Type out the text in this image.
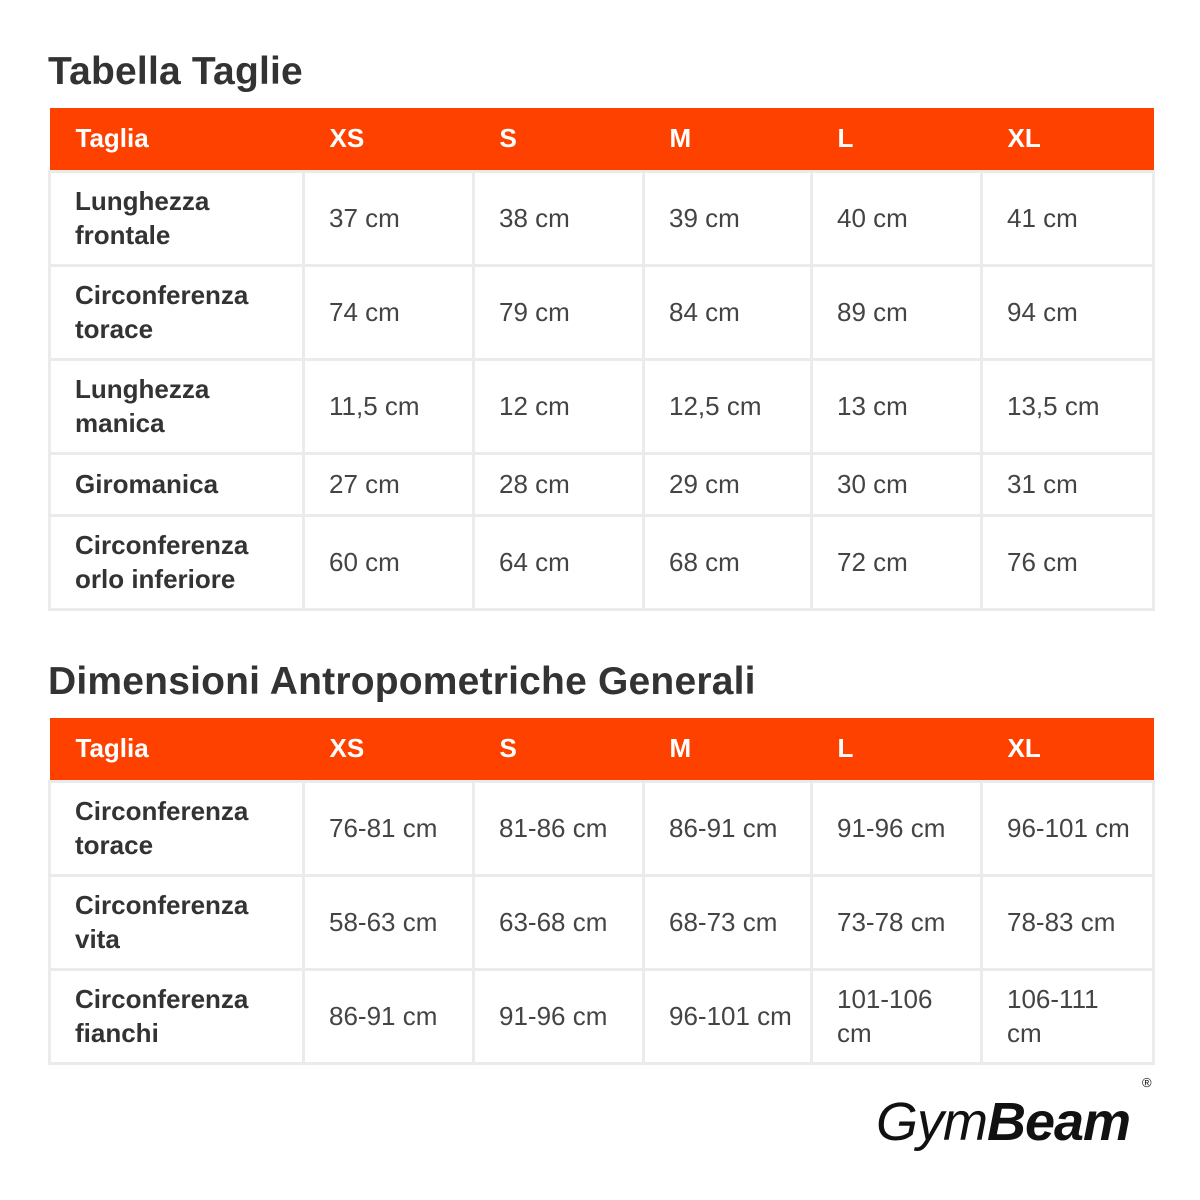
Tabella Taglie
Taglia	XS	S	M	L	XL
Lunghezza frontale	37 cm	38 cm	39 cm	40 cm	41 cm
Circonferenza torace	74 cm	79 cm	84 cm	89 cm	94 cm
Lunghezza manica	11,5 cm	12 cm	12,5 cm	13 cm	13,5 cm
Giromanica	27 cm	28 cm	29 cm	30 cm	31 cm
Circonferenza orlo inferiore	60 cm	64 cm	68 cm	72 cm	76 cm
Dimensioni Antropometriche Generali
Taglia	XS	S	M	L	XL
Circonferenza torace	76-81 cm	81-86 cm	86-91 cm	91-96 cm	96-101 cm
Circonferenza vita	58-63 cm	63-68 cm	68-73 cm	73-78 cm	78-83 cm
Circonferenza fianchi	86-91 cm	91-96 cm	96-101 cm	101-106 cm	106-111 cm
GymBeam
®
